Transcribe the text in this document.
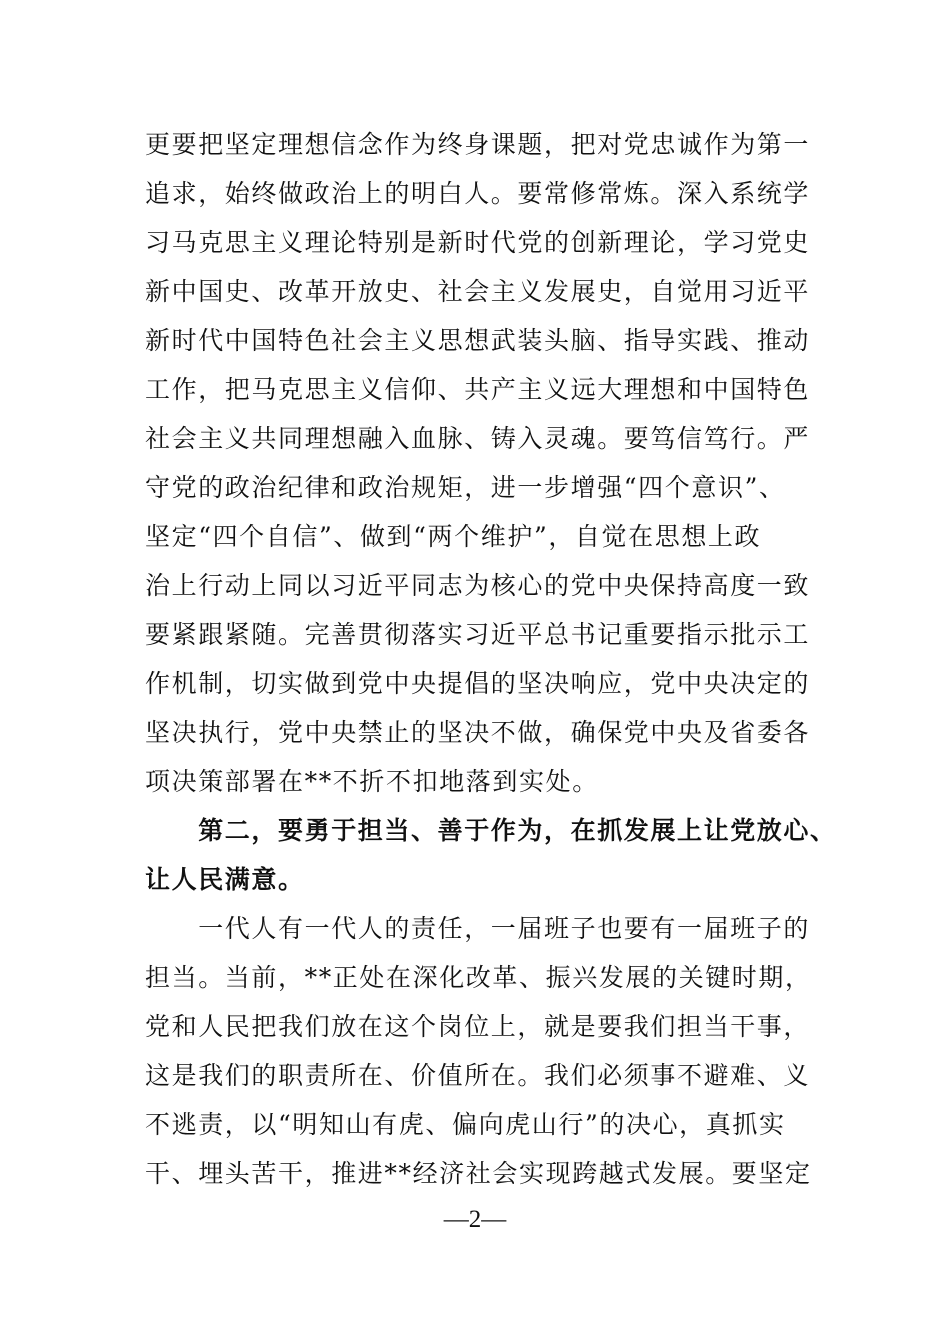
更要把坚定理想信念作为终身课题，把对党忠诚作为第一
追求，始终做政治上的明白人。要常修常炼。深入系统学
习马克思主义理论特别是新时代党的创新理论，学习党史
新中国史、改革开放史、社会主义发展史，自觉用习近平
新时代中国特色社会主义思想武装头脑、指导实践、推动
工作，把马克思主义信仰、共产主义远大理想和中国特色
社会主义共同理想融入血脉、铸入灵魂。要笃信笃行。严
守党的政治纪律和政治规矩，进一步增强“四个意识”、
坚定“四个自信”、做到“两个维护”，自觉在思想上政
治上行动上同以习近平同志为核心的党中央保持高度一致
要紧跟紧随。完善贯彻落实习近平总书记重要指示批示工
作机制，切实做到党中央提倡的坚决响应，党中央决定的
坚决执行，党中央禁止的坚决不做，确保党中央及省委各
项决策部署在**不折不扣地落到实处。
　　第二，要勇于担当、善于作为，在抓发展上让党放心、
让人民满意。
　　一代人有一代人的责任，一届班子也要有一届班子的
担当。当前，**正处在深化改革、振兴发展的关键时期，
党和人民把我们放在这个岗位上，就是要我们担当干事，
这是我们的职责所在、价值所在。我们必须事不避难、义
不逃责，以“明知山有虎、偏向虎山行”的决心，真抓实
干、埋头苦干，推进**经济社会实现跨越式发展。要坚定
—2—
